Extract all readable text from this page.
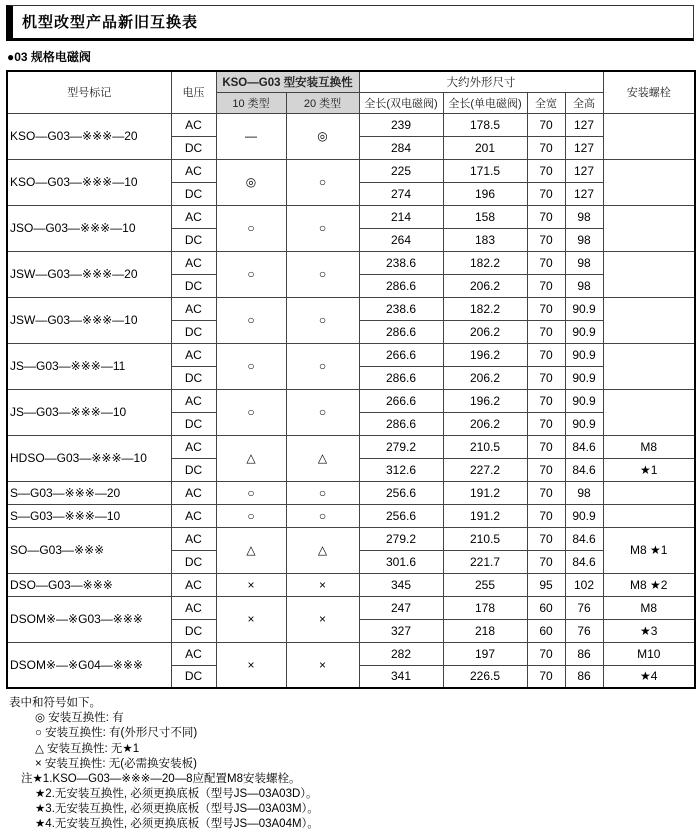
机型改型产品新旧互换表
●03 规格电磁阀
型号标记	电压	KSO—G03 型安装互换性		大约外形尺寸				安装螺栓
		10 类型	20 类型	全长(双电磁阀)	全长(单电磁阀)	全宽	全高	
KSO—G03—※※※—20	AC	—	◎	239	178.5	70	127	
	DC			284	201	70	127	
KSO—G03—※※※—10	AC	◎	○	225	171.5	70	127	
	DC			274	196	70	127	
JSO—G03—※※※—10	AC	○	○	214	158	70	98	
	DC			264	183	70	98	
JSW—G03—※※※—20	AC	○	○	238.6	182.2	70	98	
	DC			286.6	206.2	70	98	
JSW—G03—※※※—10	AC	○	○	238.6	182.2	70	90.9	
	DC			286.6	206.2	70	90.9	
JS—G03—※※※—11	AC	○	○	266.6	196.2	70	90.9	
	DC			286.6	206.2	70	90.9	
JS—G03—※※※—10	AC	○	○	266.6	196.2	70	90.9	
	DC			286.6	206.2	70	90.9	
HDSO—G03—※※※—10	AC	△	△	279.2	210.5	70	84.6	M8
	DC			312.6	227.2	70	84.6	★1
S—G03—※※※—20	AC	○	○	256.6	191.2	70	98	
S—G03—※※※—10	AC	○	○	256.6	191.2	70	90.9	
SO—G03—※※※	AC	△	△	279.2	210.5	70	84.6	M8 ★1
	DC			301.6	221.7	70	84.6	
DSO—G03—※※※	AC	×	×	345	255	95	102	M8 ★2
DSOM※—※G03—※※※	AC	×	×	247	178	60	76	M8
	DC			327	218	60	76	★3
DSOM※—※G04—※※※	AC	×	×	282	197	70	86	M10
	DC			341	226.5	70	86	★4
表中和符号如下。
◎ 安装互换性: 有
○ 安装互换性: 有(外形尺寸不同)
△ 安装互换性: 无★1
× 安装互换性: 无(必需换安装板)
注★1.KSO—G03—※※※—20—8应配置M8安装螺栓。
★2.无安装互换性, 必须更换底板（型号JS—03A03D）。
★3.无安装互换性, 必须更换底板（型号JS—03A03M）。
★4.无安装互换性, 必须更换底板（型号JS—03A04M）。
